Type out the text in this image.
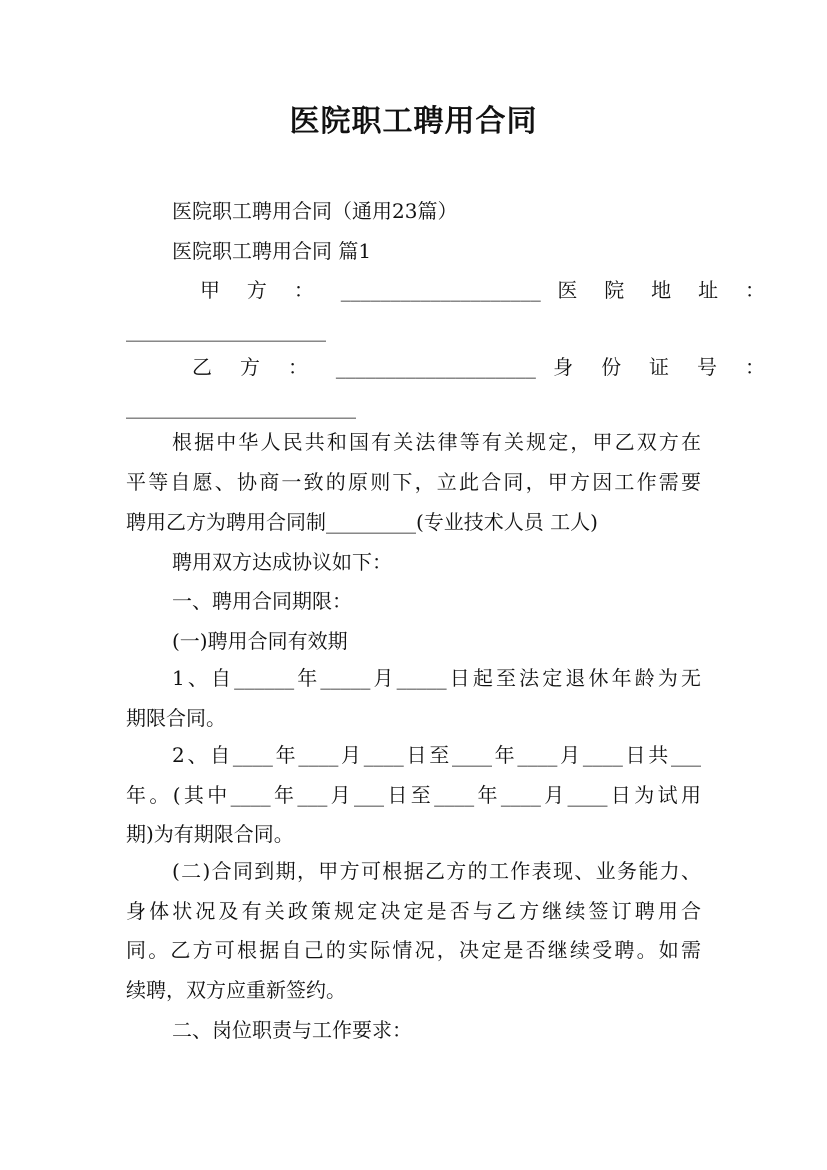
医院职工聘用合同
医院职工聘用合同（通用23篇）
医院职工聘用合同 篇1
甲 方 ： ____________________ 医 院 地 址 ：
____________________
乙 方 ： ____________________ 身 份 证 号 ：
_______________________
根据中华人民共和国有关法律等有关规定，甲乙双方在
平等自愿、协商一致的原则下，立此合同，甲方因工作需要
聘用乙方为聘用合同制_________(专业技术人员 工人)
聘用双方达成协议如下：
一、聘用合同期限：
(一)聘用合同有效期
1、自______年_____月_____日起至法定退休年龄为无
期限合同。
2、自____年____月____日至____年____月____日共___
年。(其中____年___月___日至____年____月____日为试用
期)为有期限合同。
(二)合同到期，甲方可根据乙方的工作表现、业务能力、
身体状况及有关政策规定决定是否与乙方继续签订聘用合
同。乙方可根据自己的实际情况，决定是否继续受聘。如需
续聘，双方应重新签约。
二、岗位职责与工作要求：
